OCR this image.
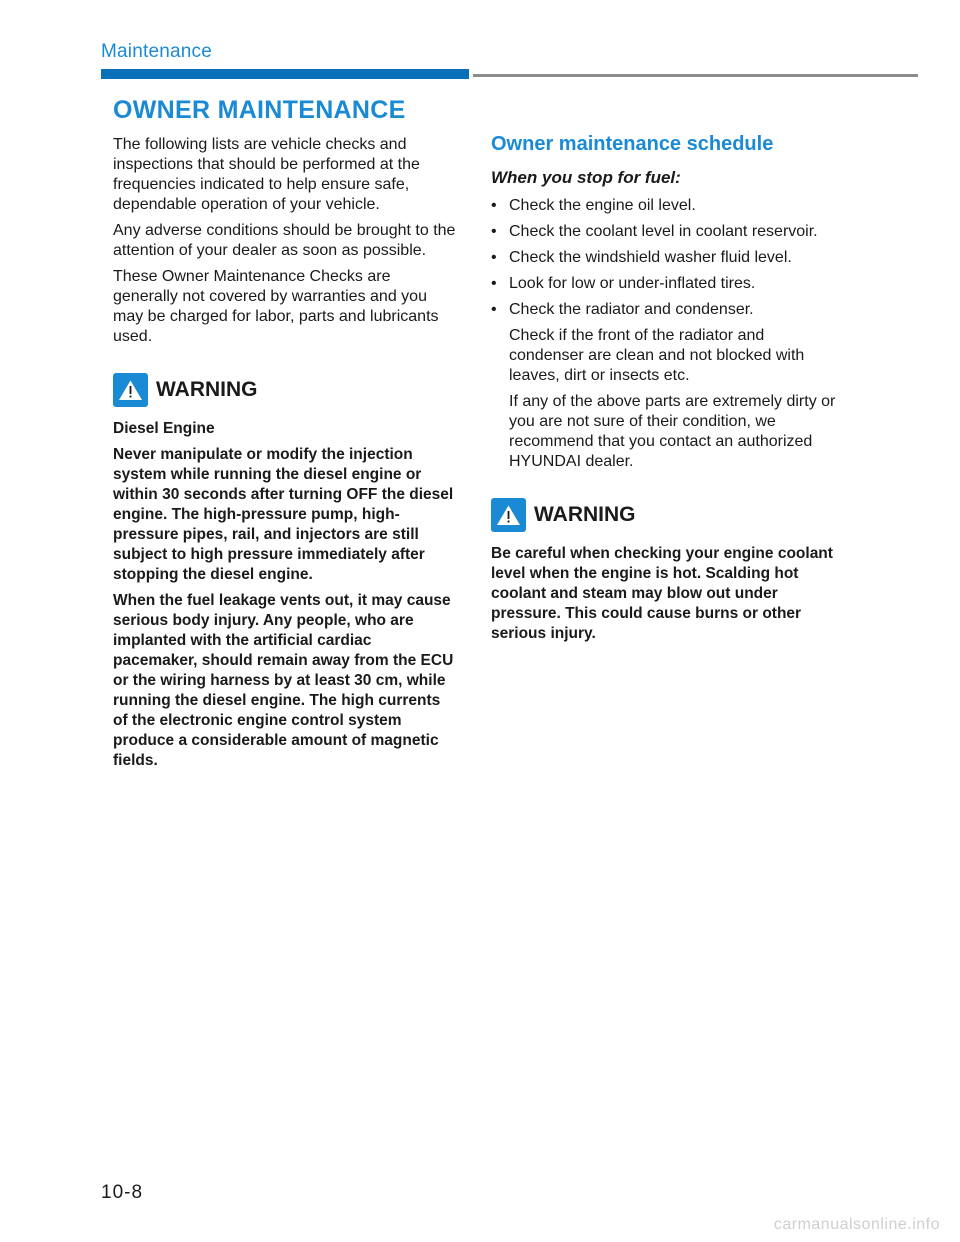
Maintenance
OWNER MAINTENANCE

The following lists are vehicle checks and inspections that should be performed at the frequencies indicated to help ensure safe, dependable operation of your vehicle.

Any adverse conditions should be brought to the attention of your dealer as soon as possible.

These Owner Maintenance Checks are generally not covered by warranties and you may be charged for labor, parts and lubricants used.

WARNING

Diesel Engine

Never manipulate or modify the injection system while running the diesel engine or within 30 seconds after turning OFF the diesel engine. The high-pressure pump, high-pressure pipes, rail, and injectors are still subject to high pressure immediately after stopping the diesel engine.

When the fuel leakage vents out, it may cause serious body injury. Any people, who are implanted with the artificial cardiac pacemaker, should remain away from the ECU or the wiring harness by at least 30 cm, while running the diesel engine. The high currents of the electronic engine control system produce a considerable amount of magnetic fields.

Owner maintenance schedule
When you stop for fuel:
• Check the engine oil level.
• Check the coolant level in coolant reservoir.
• Check the windshield washer fluid level.
• Look for low or under-inflated tires.
• Check the radiator and condenser.

Check if the front of the radiator and condenser are clean and not blocked with leaves, dirt or insects etc.

If any of the above parts are extremely dirty or you are not sure of their condition, we recommend that you contact an authorized HYUNDAI dealer.

WARNING

Be careful when checking your engine coolant level when the engine is hot. Scalding hot coolant and steam may blow out under pressure. This could cause burns or other serious injury.

10-8
carmanualsonline.info
